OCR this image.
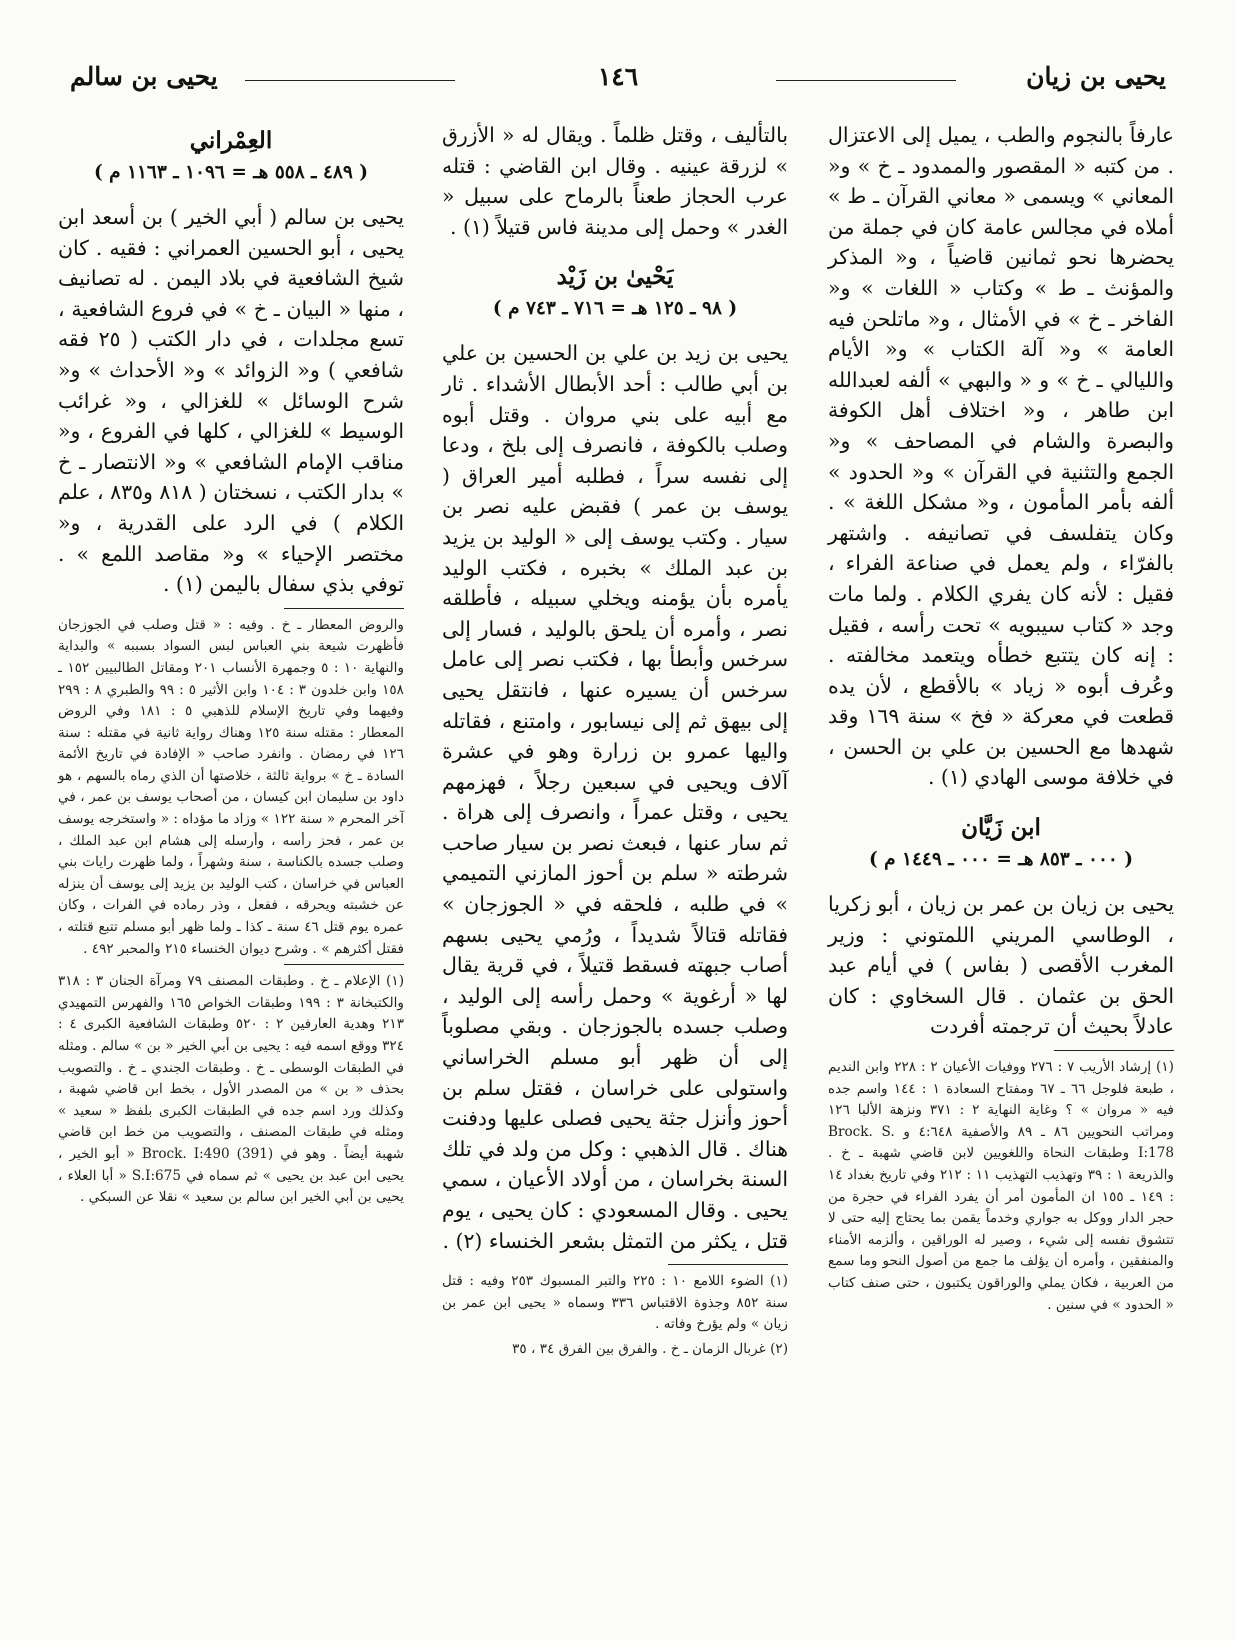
يحيى بن زيان
١٤٦
يحيى بن سالم

عارفاً بالنجوم والطب ، يميل إلى الاعتزال . من كتبه « المقصور والممدود ـ خ » و« المعاني » ويسمى « معاني القرآن ـ ط » أملاه في مجالس عامة كان في جملة من يحضرها نحو ثمانين قاضياً ، و« المذكر والمؤنث ـ ط » وكتاب « اللغات » و« الفاخر ـ خ » في الأمثال ، و« ماتلحن فيه العامة » و« آلة الكتاب » و« الأيام والليالي ـ خ » و « والبهي » ألفه لعبدالله ابن طاهر ، و« اختلاف أهل الكوفة والبصرة والشام في المصاحف » و« الجمع والتثنية في القرآن » و« الحدود » ألفه بأمر المأمون ، و« مشكل اللغة » . وكان يتفلسف في تصانيفه . واشتهر بالفرّاء ، ولم يعمل في صناعة الفراء ، فقيل : لأنه كان يفري الكلام . ولما مات وجد « كتاب سيبويه » تحت رأسه ، فقيل : إنه كان يتتبع خطأه ويتعمد مخالفته . وعُرف أبوه « زياد » بالأقطع ، لأن يده قطعت في معركة « فخ » سنة ١٦٩ وقد شهدها مع الحسين بن علي بن الحسن ، في خلافة موسى الهادي (١) .

ابن زَيَّان
( ٠٠٠ ـ ٨٥٣ هـ = ٠٠٠ ـ ١٤٤٩ م )

يحيى بن زيان بن عمر بن زيان ، أبو زكريا ، الوطاسي المريني اللمتوني : وزير المغرب الأقصى ( بفاس ) في أيام عبد الحق بن عثمان . قال السخاوي : كان عادلاً بحيث أن ترجمته أفردت

(١) إرشاد الأريب ٧ : ٢٧٦ ووفيات الأعيان ٢ : ٢٢٨ وابن النديم ، طبعة فلوجل ٦٦ ـ ٦٧ ومفتاح السعادة ١ : ١٤٤ واسم جده فيه « مروان » ؟ وغاية النهاية ٢ : ٣٧١ ونزهة الألبا ١٢٦ ومراتب النحويين ٨٦ ـ ٨٩ والأصفية ٤:٦٤٨ و Brock. S. I:178 وطبقات النحاة واللغويين لابن قاضي شهبة ـ خ . والذريعة ١ : ٣٩ وتهذيب التهذيب ١١ : ٢١٢ وفي تاريخ بغداد ١٤ : ١٤٩ ـ ١٥٥ ان المأمون أمر أن يفرد الفراء في حجرة من حجر الدار ووكل به جواري وخدماً يقمن بما يحتاج إليه حتى لا تتشوق نفسه إلى شيء ، وصير له الوراقين ، وألزمه الأمناء والمنفقين ، وأمره أن يؤلف ما جمع من أصول النحو وما سمع من العربية ، فكان يملي والوراقون يكتبون ، حتى صنف كتاب « الحدود » في سنين .

بالتأليف ، وقتل ظلماً . ويقال له « الأزرق » لزرقة عينيه . وقال ابن القاضي : قتله عرب الحجاز طعناً بالرماح على سبيل « الغدر » وحمل إلى مدينة فاس قتيلاً (١) .

يَحْيىٰ بن زَيْد
( ٩٨ ـ ١٢٥ هـ = ٧١٦ ـ ٧٤٣ م )

يحيى بن زيد بن علي بن الحسين بن علي بن أبي طالب : أحد الأبطال الأشداء . ثار مع أبيه على بني مروان . وقتل أبوه وصلب بالكوفة ، فانصرف إلى بلخ ، ودعا إلى نفسه سراً ، فطلبه أمير العراق ( يوسف بن عمر ) فقبض عليه نصر بن سيار . وكتب يوسف إلى « الوليد بن يزيد بن عبد الملك » بخبره ، فكتب الوليد يأمره بأن يؤمنه ويخلي سبيله ، فأطلقه نصر ، وأمره أن يلحق بالوليد ، فسار إلى سرخس وأبطأ بها ، فكتب نصر إلى عامل سرخس أن يسيره عنها ، فانتقل يحيى إلى بيهق ثم إلى نيسابور ، وامتنع ، فقاتله واليها عمرو بن زرارة وهو في عشرة آلاف ويحيى في سبعين رجلاً ، فهزمهم يحيى ، وقتل عمراً ، وانصرف إلى هراة . ثم سار عنها ، فبعث نصر بن سيار صاحب شرطته « سلم بن أحوز المازني التميمي » في طلبه ، فلحقه في « الجوزجان » فقاتله قتالاً شديداً ، ورُمي يحيى بسهم أصاب جبهته فسقط قتيلاً ، في قرية يقال لها « أرغوية » وحمل رأسه إلى الوليد ، وصلب جسده بالجوزجان . وبقي مصلوباً إلى أن ظهر أبو مسلم الخراساني واستولى على خراسان ، فقتل سلم بن أحوز وأنزل جثة يحيى فصلى عليها ودفنت هناك . قال الذهبي : وكل من ولد في تلك السنة بخراسان ، من أولاد الأعيان ، سمي يحيى . وقال المسعودي : كان يحيى ، يوم قتل ، يكثر من التمثل بشعر الخنساء (٢) .

(١) الضوء اللامع ١٠ : ٢٢٥ والتبر المسبوك ٢٥٣ وفيه : قتل سنة ٨٥٢ وجذوة الاقتباس ٣٣٦ وسماه « يحيى ابن عمر بن زيان » ولم يؤرخ وفاته .

(٢) غربال الزمان ـ خ . والفرق بين الفرق ٣٤ ، ٣٥

العِمْراني
( ٤٨٩ ـ ٥٥٨ هـ = ١٠٩٦ ـ ١١٦٣ م )

يحيى بن سالم ( أبي الخير ) بن أسعد ابن يحيى ، أبو الحسين العمراني : فقيه . كان شيخ الشافعية في بلاد اليمن . له تصانيف ، منها « البيان ـ خ » في فروع الشافعية ، تسع مجلدات ، في دار الكتب ( ٢٥ فقه شافعي ) و« الزوائد » و« الأحداث » و« شرح الوسائل » للغزالي ، و« غرائب الوسيط » للغزالي ، كلها في الفروع ، و« مناقب الإمام الشافعي » و« الانتصار ـ خ » بدار الكتب ، نسختان ( ٨١٨ و٨٣٥ ، علم الكلام ) في الرد على القدرية ، و« مختصر الإحياء » و« مقاصد اللمع » . توفي بذي سفال باليمن (١) .

والروض المعطار ـ خ . وفيه : « قتل وصلب في الجوزجان فأظهرت شيعة بني العباس لبس السواد بسببه » والبداية والنهاية ١٠ : ٥ وجمهرة الأنساب ٢٠١ ومقاتل الطالبيين ١٥٢ ـ ١٥٨ وابن خلدون ٣ : ١٠٤ وابن الأثير ٥ : ٩٩ والطبري ٨ : ٢٩٩ وفيهما وفي تاريخ الإسلام للذهبي ٥ : ١٨١ وفي الروض المعطار : مقتله سنة ١٢٥ وهناك رواية ثانية في مقتله : سنة ١٢٦ في رمضان . وانفرد صاحب « الإفادة في تاريخ الأئمة السادة ـ خ » برواية ثالثة ، خلاصتها أن الذي رماه بالسهم ، هو داود بن سليمان ابن كيسان ، من أصحاب يوسف بن عمر ، في آخر المحرم « سنة ١٢٢ » وزاد ما مؤداه : « واستخرجه يوسف بن عمر ، فحز رأسه ، وأرسله إلى هشام ابن عبد الملك ، وصلب جسده بالكناسة ، سنة وشهراً ، ولما ظهرت رايات بني العباس في خراسان ، كتب الوليد بن يزيد إلى يوسف أن ينزله عن خشبته ويحرقه ، ففعل ، وذر رماده في الفرات ، وكان عمره يوم قتل ٤٦ سنة ـ كذا ـ ولما ظهر أبو مسلم تتبع قتلته ، فقتل أكثرهم » . وشرح ديوان الخنساء ٢١٥ والمحبر ٤٩٢ .

(١) الإعلام ـ خ . وطبقات المصنف ٧٩ ومرآة الجنان ٣ : ٣١٨ والكتبخانة ٣ : ١٩٩ وطبقات الخواص ١٦٥ والفهرس التمهيدي ٢١٣ وهدية العارفين ٢ : ٥٢٠ وطبقات الشافعية الكبرى ٤ : ٣٢٤ ووقع اسمه فيه : يحيى بن أبي الخير « بن » سالم . ومثله في الطبقات الوسطى ـ خ . وطبقات الجندي ـ خ . والتصويب بحذف « بن » من المصدر الأول ، بخط ابن قاضي شهبة ، وكذلك ورد اسم جده في الطبقات الكبرى بلفظ « سعيد » ومثله في طبقات المصنف ، والتصويب من خط ابن قاضي شهبة أيضاً . وهو في Brock. I:490 (391) « أبو الخير ، يحيى ابن عبد بن يحيى » ثم سماه في S.I:675 « أبا العلاء ، يحيى بن أبي الخير ابن سالم بن سعيد » نقلا عن السبكي .
